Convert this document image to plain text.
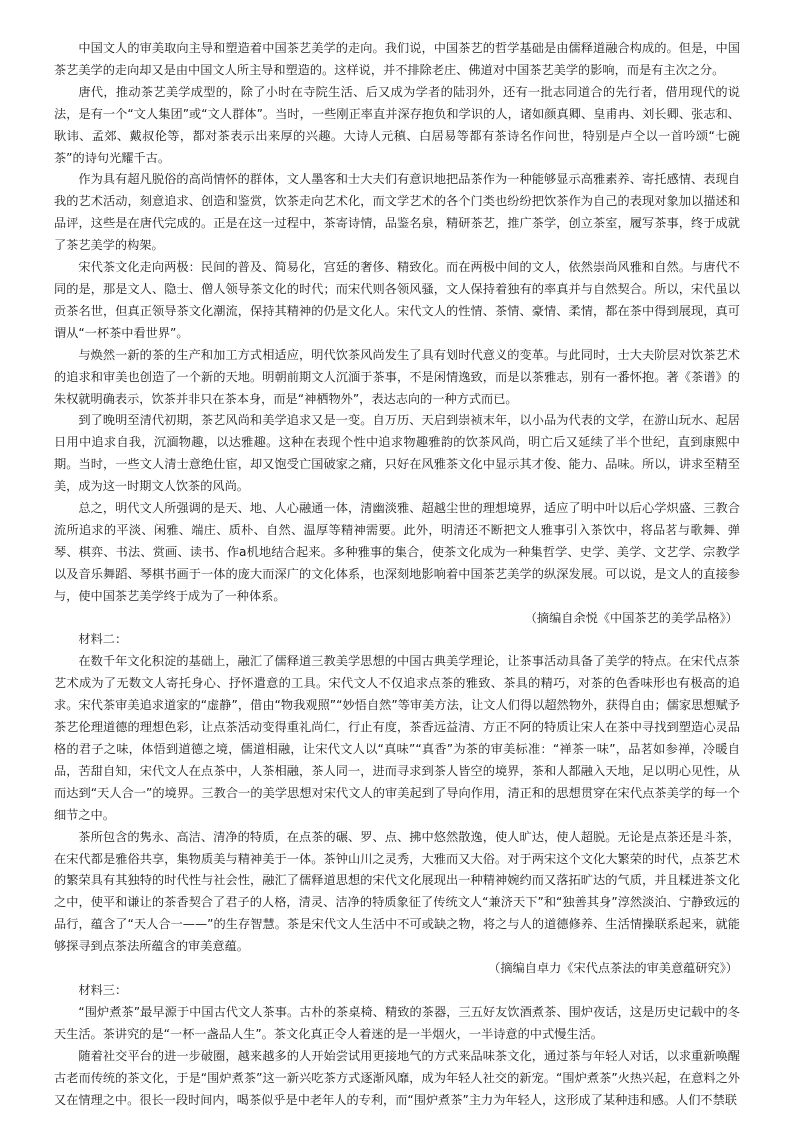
中国文人的审美取向主导和塑造着中国茶艺美学的走向。我们说，中国茶艺的哲学基础是由儒释道融合构成的。但是，中国茶艺美学的走向却又是由中国文人所主导和塑造的。这样说，并不排除老庄、佛道对中国茶艺美学的影响，而是有主次之分。

唐代，推动茶艺美学成型的，除了小时在寺院生活、后又成为学者的陆羽外，还有一批志同道合的先行者，借用现代的说法，是有一个“文人集团”或“文人群体”。当时，一些刚正率直并深存抱负和学识的人，诸如颜真卿、皇甫冉、刘长卿、张志和、耿讳、孟郊、戴叔伦等，都对茶表示出来厚的兴趣。大诗人元稹、白居易等都有茶诗名作问世，特别是卢仝以一首吟颂“七碗茶”的诗句光耀千古。

作为具有超凡脱俗的高尚情怀的群体，文人墨客和士大夫们有意识地把品茶作为一种能够显示高雅素养、寄托感情、表现自我的艺术活动，刻意追求、创造和鉴赏，饮茶走向艺术化，而文学艺术的各个门类也纷纷把饮茶作为自己的表现对象加以描述和品评，这些是在唐代完成的。正是在这一过程中，茶寄诗情，品鉴名泉，精研茶艺，推广茶学，创立茶室，履写茶事，终于成就了茶艺美学的构架。

宋代茶文化走向两极：民间的普及、简易化，宫廷的奢侈、精致化。而在两极中间的文人，依然崇尚风雅和自然。与唐代不同的是，那是文人、隐士、僧人领导茶文化的时代；而宋代则各领风骚，文人保持着独有的率真并与自然契合。所以，宋代虽以贡茶名世，但真正领导茶文化潮流，保持其精神的仍是文化人。宋代文人的性情、茶情、豪情、柔情，都在茶中得到展现，真可谓从“一杯茶中看世界”。

与焕然一新的茶的生产和加工方式相适应，明代饮茶风尚发生了具有划时代意义的变革。与此同时，士大夫阶层对饮茶艺术的追求和审美也创造了一个新的天地。明朝前期文人沉湎于茶事，不是闲情逸致，而是以茶雅志，别有一番怀抱。著《茶谱》的朱权就明确表示，饮茶并非只在茶本身，而是“神栖物外”，表达志向的一种方式而已。

到了晚明至清代初期，茶艺风尚和美学追求又是一变。自万历、天启到崇祯末年，以小品为代表的文学，在游山玩水、起居日用中追求自我，沉湎物趣，以达雅趣。这种在表现个性中追求物趣雅韵的饮茶风尚，明亡后又延续了半个世纪，直到康熙中期。当时，一些文人清士意绝仕宦，却又饱受亡国破家之痛，只好在风雅茶文化中显示其才俊、能力、品味。所以，讲求至精至美，成为这一时期文人饮茶的风尚。

总之，明代文人所强调的是天、地、人心融通一体，清幽淡雅、超越尘世的理想境界，适应了明中叶以后心学炽盛、三教合流所追求的平淡、闲雅、端庄、质朴、自然、温厚等精神需要。此外，明清还不断把文人雅事引入茶饮中，将品茗与歌舞、弹琴、棋弈、书法、赏画、读书、作a机地结合起来。多种雅事的集合，使茶文化成为一种集哲学、史学、美学、文艺学、宗教学以及音乐舞蹈、琴棋书画于一体的庞大而深广的文化体系，也深刻地影响着中国茶艺美学的纵深发展。可以说，是文人的直接参与，使中国茶艺美学终于成为了一种体系。

（摘编自余悦《中国茶艺的美学品格》）

材料二：

在数千年文化积淀的基础上，融汇了儒释道三教美学思想的中国古典美学理论，让茶事活动具备了美学的特点。在宋代点茶艺术成为了无数文人寄托身心、抒怀遣意的工具。宋代文人不仅追求点茶的雅致、茶具的精巧，对茶的色香味形也有极高的追求。宋代茶审美追求道家的“虚静”，借由“物我观照”“妙悟自然”等审美方法，让文人们得以超然物外，获得自由；儒家思想赋予茶艺伦理道德的理想色彩，让点茶活动变得重礼尚仁，行止有度，茶香远益清、方正不阿的特质让宋人在茶中寻找到塑造心灵品格的君子之味，体悟到道德之境，儒道相融，让宋代文人以“真味”“真香”为茶的审美标准：“禅茶一味”，品茗如参禅，冷暖自品，苦甜自知，宋代文人在点茶中，人茶相融，茶人同一，进而寻求到茶人皆空的境界，茶和人都融入天地，足以明心见性，从而达到“天人合一”的境界。三教合一的美学思想对宋代文人的审美起到了导向作用，清正和的思想贯穿在宋代点茶美学的每一个细节之中。

茶所包含的隽永、高洁、清净的特质，在点茶的碾、罗、点、拂中悠然散逸，使人旷达，使人超脱。无论是点茶还是斗茶，在宋代都是雅俗共享，集物质美与精神美于一体。茶钟山川之灵秀，大雅而又大俗。对于两宋这个文化大繁荣的时代，点茶艺术的繁荣具有其独特的时代性与社会性，融汇了儒释道思想的宋代文化展现出一种精神婉约而又落拓旷达的气质，并且糅进茶文化之中，使平和谦让的茶香契合了君子的人格，清灵、洁净的特质象征了传统文人“兼济天下”和“独善其身”淳然淡泊、宁静致远的品行，蕴含了“天人合一——”的生存智慧。茶是宋代文人生活中不可或缺之物，将之与人的道德修养、生活情操联系起来，就能够探寻到点茶法所蕴含的审美意蕴。

（摘编自卓力《宋代点茶法的审美意蕴研究》）

材料三：

“围炉煮茶”最早源于中国古代文人茶事。古朴的茶桌椅、精致的茶器，三五好友饮酒煮茶、围炉夜话，这是历史记载中的冬天生活。茶讲究的是“一杯一盏品人生”。茶文化真正令人着迷的是一半烟火，一半诗意的中式慢生活。

随着社交平台的进一步破圈，越来越多的人开始尝试用更接地气的方式来品味茶文化，通过茶与年轻人对话，以求重新唤醒古老而传统的茶文化，于是“围炉煮茶”这一新兴吃茶方式逐渐风靡，成为年轻人社交的新宠。“围炉煮茶”火热兴起，在意料之外又在情理之中。很长一段时间内，喝茶似乎是中老年人的专利，而“围炉煮茶”主力为年轻人，这形成了某种违和感。人们不禁联
